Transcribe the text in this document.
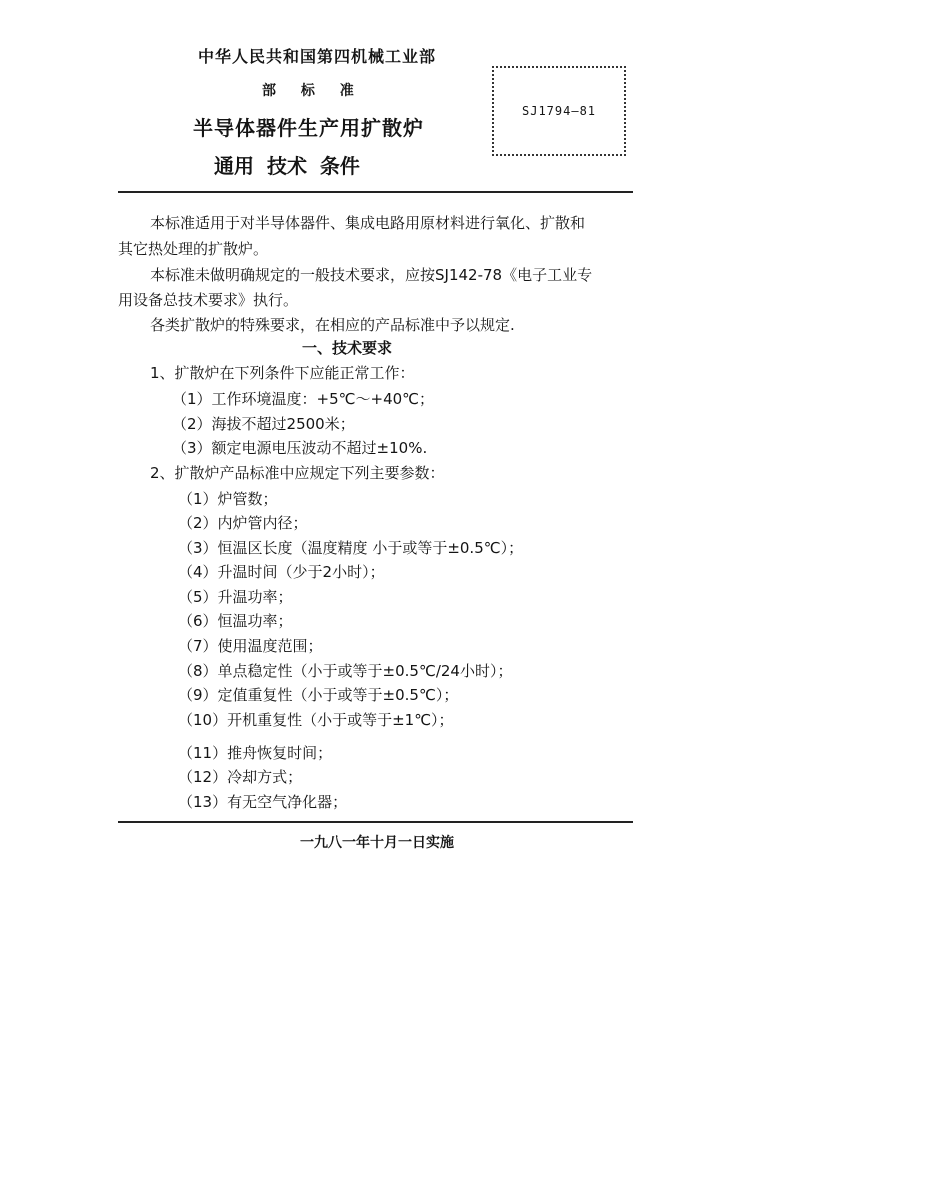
中华人民共和国第四机械工业部
部 标 准
半导体器件生产用扩散炉
通用 技术 条件
SJ1794—81
本标准适用于对半导体器件、集成电路用原材料进行氧化、扩散和
其它热处理的扩散炉。
本标准未做明确规定的一般技术要求，应按SJ142-78《电子工业专
用设备总技术要求》执行。
各类扩散炉的特殊要求，在相应的产品标准中予以规定.
一、技术要求
1、扩散炉在下列条件下应能正常工作：
（1）工作环境温度：+5℃～+40℃；
（2）海拔不超过2500米；
（3）额定电源电压波动不超过±10%.
2、扩散炉产品标准中应规定下列主要参数：
（1）炉管数；
（2）内炉管内径；
（3）恒温区长度（温度精度 小于或等于±0.5℃）；
（4）升温时间（少于2小时）；
（5）升温功率；
（6）恒温功率；
（7）使用温度范围；
（8）单点稳定性（小于或等于±0.5℃/24小时）；
（9）定值重复性（小于或等于±0.5℃）；
（10）开机重复性（小于或等于±1℃）；
（11）推舟恢复时间；
（12）冷却方式；
（13）有无空气净化器；
一九八一年十月一日实施
